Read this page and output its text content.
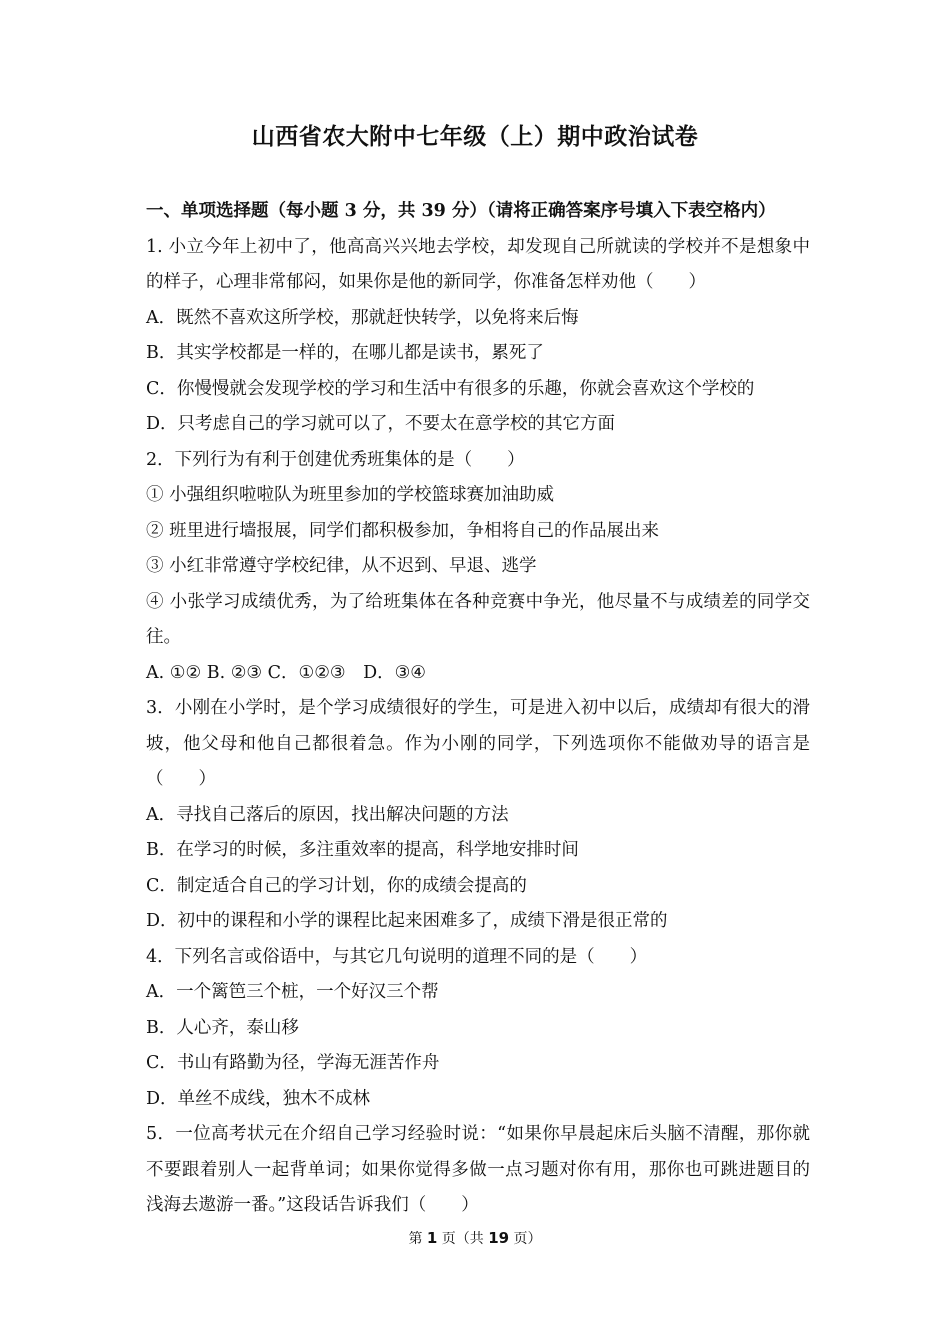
山西省农大附中七年级（上）期中政治试卷
一、单项选择题（每小题 3 分，共 39 分）（请将正确答案序号填入下表空格内）
1. 小立今年上初中了，他高高兴兴地去学校，却发现自己所就读的学校并不是想象中的样子，心理非常郁闷，如果你是他的新同学，你准备怎样劝他（　　）
A．既然不喜欢这所学校，那就赶快转学，以免将来后悔
B．其实学校都是一样的，在哪儿都是读书，累死了
C．你慢慢就会发现学校的学习和生活中有很多的乐趣，你就会喜欢这个学校的
D．只考虑自己的学习就可以了，不要太在意学校的其它方面
2．下列行为有利于创建优秀班集体的是（　　）
① 小强组织啦啦队为班里参加的学校篮球赛加油助威
② 班里进行墙报展，同学们都积极参加，争相将自己的作品展出来
③ 小红非常遵守学校纪律，从不迟到、早退、逃学
④ 小张学习成绩优秀，为了给班集体在各种竞赛中争光，他尽量不与成绩差的同学交往。
A. ①② B. ②③ C．①②③　D．③④
3．小刚在小学时，是个学习成绩很好的学生，可是进入初中以后，成绩却有很大的滑坡，他父母和他自己都很着急。作为小刚的同学，下列选项你不能做劝导的语言是（　　）
A．寻找自己落后的原因，找出解决问题的方法
B．在学习的时候，多注重效率的提高，科学地安排时间
C．制定适合自己的学习计划，你的成绩会提高的
D．初中的课程和小学的课程比起来困难多了，成绩下滑是很正常的
4．下列名言或俗语中，与其它几句说明的道理不同的是（　　）
A．一个篱笆三个桩，一个好汉三个帮
B．人心齐，泰山移
C．书山有路勤为径，学海无涯苦作舟
D．单丝不成线，独木不成林
5．一位高考状元在介绍自己学习经验时说：“如果你早晨起床后头脑不清醒，那你就不要跟着别人一起背单词；如果你觉得多做一点习题对你有用，那你也可跳进题目的浅海去遨游一番。”这段话告诉我们（　　）
第 1 页（共 19 页）
